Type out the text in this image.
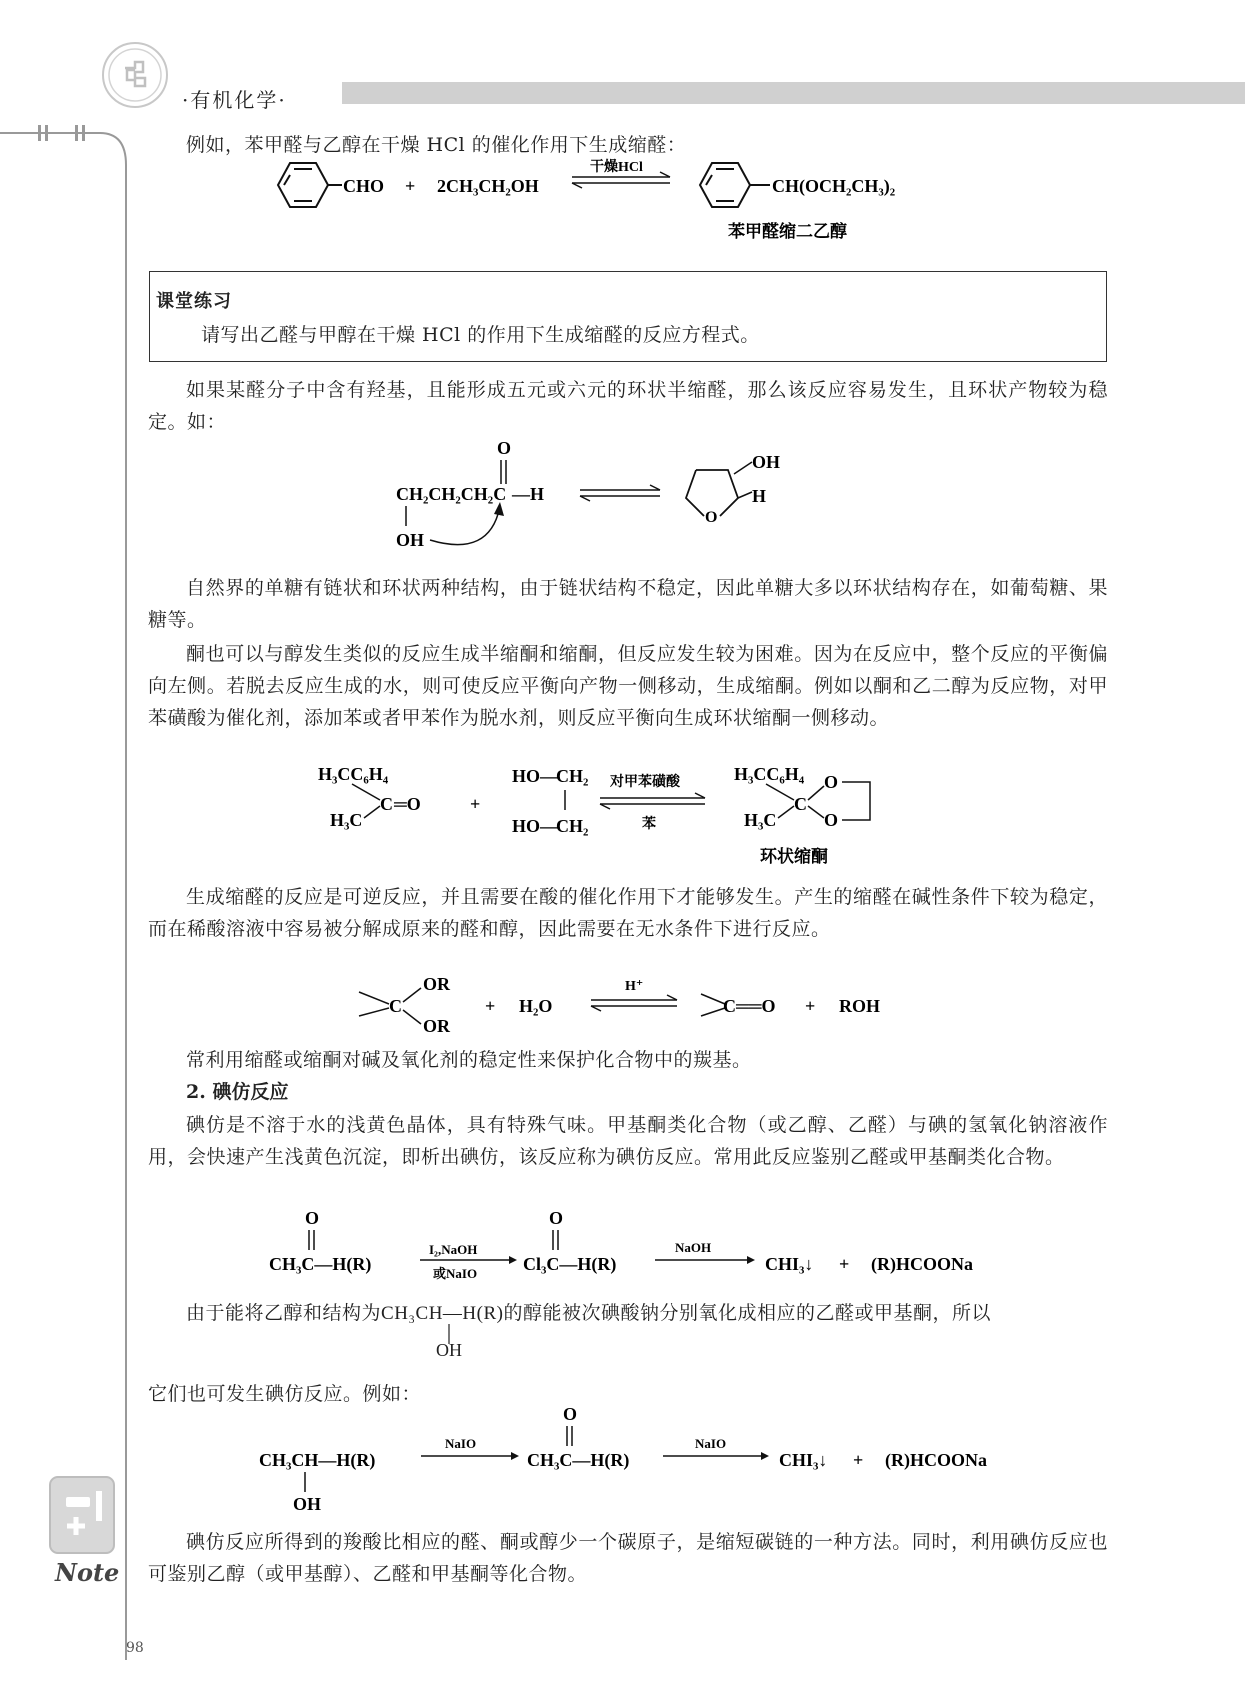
·有机化学·

例如，苯甲醛与乙醇在干燥 HCl 的催化作用下生成缩醛：

CHO + 2CH₃CH₂OH
干燥HCl
CH(OCH₂CH₃)₂
苯甲醛缩二乙醇
课堂练习
请写出乙醛与甲醇在干燥 HCl 的作用下生成缩醛的反应方程式。

如果某醛分子中含有羟基，且能形成五元或六元的环状半缩醛，那么该反应容易发生，且环状产物较为稳定。如：

O
CH₂CH₂CH₂C —H
OH
O
OH
H

自然界的单糖有链状和环状两种结构，由于链状结构不稳定，因此单糖大多以环状结构存在，如葡萄糖、果糖等。

酮也可以与醇发生类似的反应生成半缩酮和缩酮，但反应发生较为困难。因为在反应中，整个反应的平衡偏向左侧。若脱去反应生成的水，则可使反应平衡向产物一侧移动，生成缩酮。例如以酮和乙二醇为反应物，对甲苯磺酸为催化剂，添加苯或者甲苯作为脱水剂，则反应平衡向生成环状缩酮一侧移动。

H₃CC₆H₄
H₃C
C ═O	+
HO—
CH₂
HO—
CH₂
对甲苯磺酸
苯
H₃CC₆H₄
H₃C
C
O
O
环状缩酮

生成缩醛的反应是可逆反应，并且需要在酸的催化作用下才能够发生。产生的缩醛在碱性条件下较为稳定，而在稀酸溶液中容易被分解成原来的醛和醇，因此需要在无水条件下进行反应。

C
OR
OR
+ H₂O
H⁺
C══O + ROH

常利用缩醛或缩酮对碱及氧化剂的稳定性来保护化合物中的羰基。

2. 碘仿反应

碘仿是不溶于水的浅黄色晶体，具有特殊气味。甲基酮类化合物（或乙醇、乙醛）与碘的氢氧化钠溶液作用，会快速产生浅黄色沉淀，即析出碘仿，该反应称为碘仿反应。常用此反应鉴别乙醛或甲基酮类化合物。

O
CH₃C—H(R)
I₂,NaOH
或NaIO
O
Cl₃C—H(R)
NaOH
CHI₃↓ + (R)HCOONa
由于能将乙醇和结构为CH₃CH—H(R)的醇能被次碘酸钠分别氧化成相应的乙醛或甲基酮，所以
OH

它们也可发生碘仿反应。例如：

CH₃CH—H(R)
OH
NaIO
O
CH₃C—H(R)
NaIO
CHI₃↓ + (R)HCOONa

碘仿反应所得到的羧酸比相应的醛、酮或醇少一个碳原子，是缩短碳链的一种方法。同时，利用碘仿反应也可鉴别乙醇（或甲基醇）、乙醛和甲基酮等化合物。

Note
98
